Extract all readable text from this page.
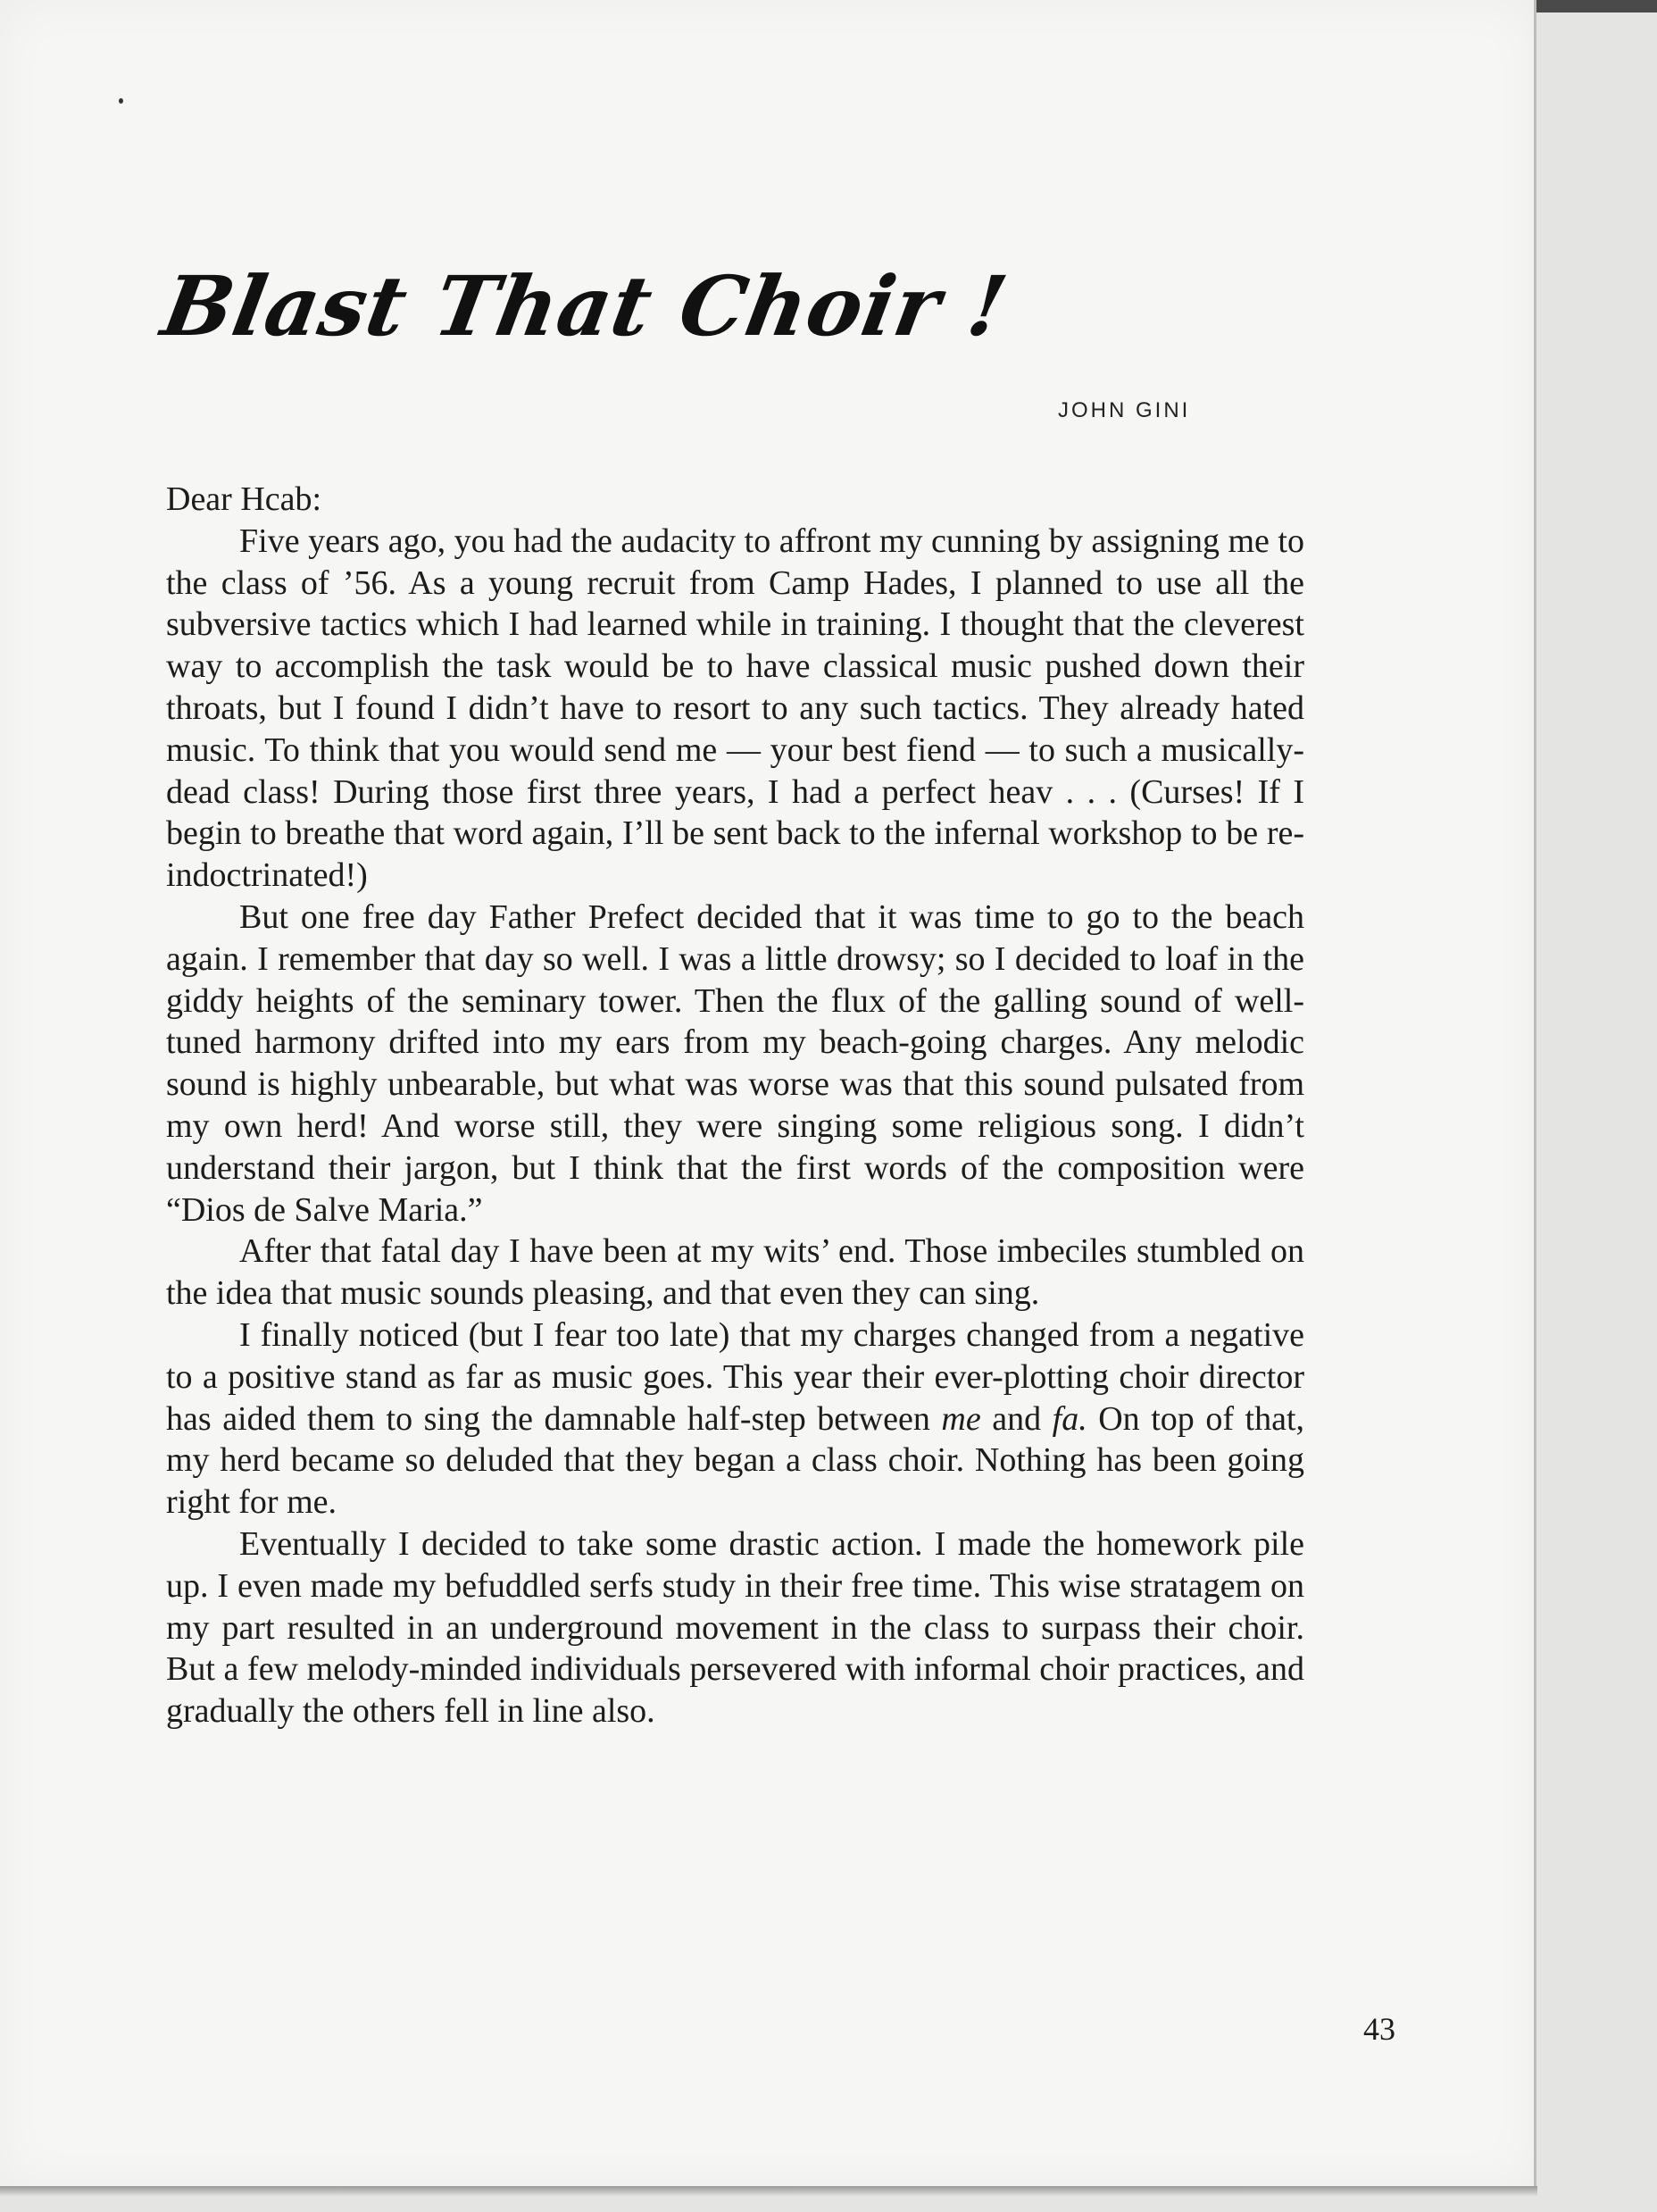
Blast That Choir !
JOHN GINI

Dear Hcab:

Five years ago, you had the audacity to affront my cunning by assigning me to the class of ’56. As a young recruit from Camp Hades, I planned to use all the subversive tactics which I had learned while in training. I thought that the cleverest way to accomplish the task would be to have classical music pushed down their throats, but I found I didn’t have to resort to any such tactics. They already hated music. To think that you would send me — your best fiend — to such a musically-dead class! During those first three years, I had a perfect heav . . . (Curses! If I begin to breathe that word again, I’ll be sent back to the infernal workshop to be re-indoctrinated!)

But one free day Father Prefect decided that it was time to go to the beach again. I remember that day so well. I was a little drowsy; so I decided to loaf in the giddy heights of the seminary tower. Then the flux of the galling sound of well-tuned harmony drifted into my ears from my beach-going charges. Any melodic sound is highly unbearable, but what was worse was that this sound pulsated from my own herd! And worse still, they were singing some religious song. I didn’t understand their jargon, but I think that the first words of the composition were “Dios de Salve Maria.”

After that fatal day I have been at my wits’ end. Those imbeciles stumbled on the idea that music sounds pleasing, and that even they can sing.

I finally noticed (but I fear too late) that my charges changed from a negative to a positive stand as far as music goes. This year their ever-plotting choir director has aided them to sing the damnable half-step between me and fa. On top of that, my herd became so deluded that they began a class choir. Nothing has been going right for me.

Eventually I decided to take some drastic action. I made the homework pile up. I even made my befuddled serfs study in their free time. This wise stratagem on my part resulted in an underground movement in the class to surpass their choir. But a few melody-minded individuals persevered with informal choir practices, and gradually the others fell in line also.

43
